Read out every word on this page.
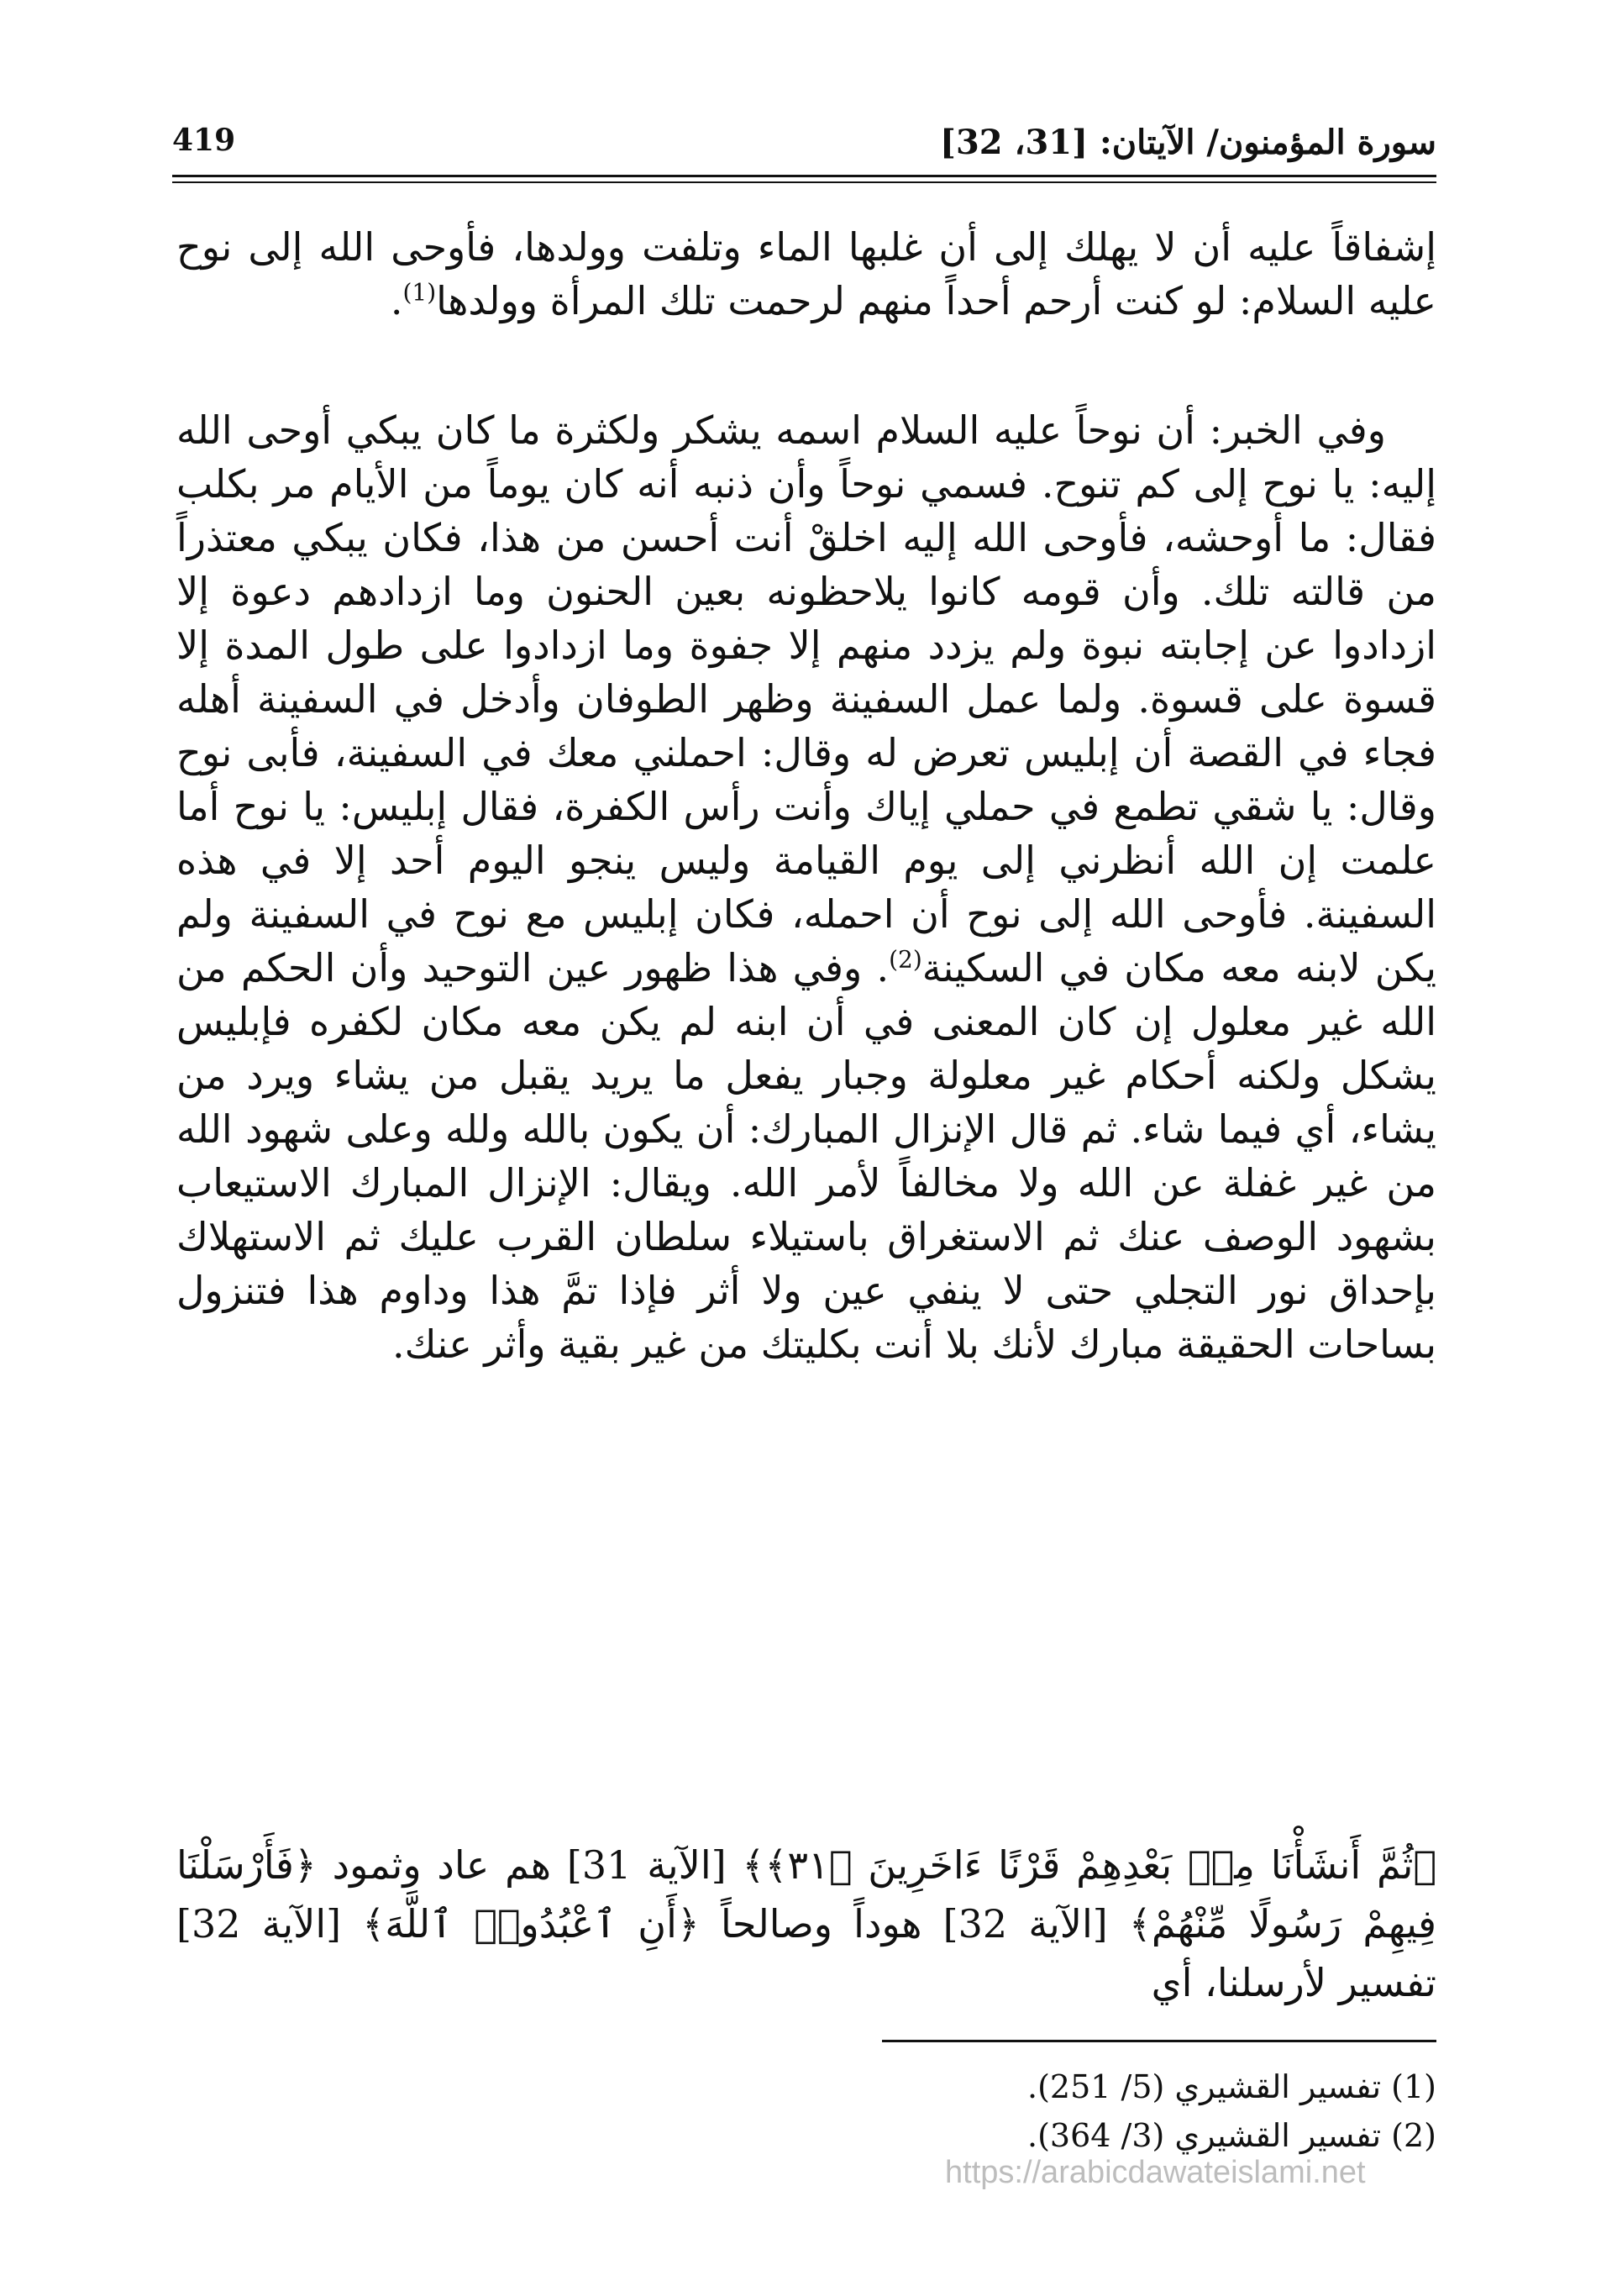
سورة المؤمنون/ الآيتان: [31، 32]
419
إشفاقاً عليه أن لا يهلك إلى أن غلبها الماء وتلفت وولدها، فأوحى الله إلى نوح عليه السلام: لو كنت أرحم أحداً منهم لرحمت تلك المرأة وولدها$^{(1)}$.
وفي الخبر: أن نوحاً عليه السلام اسمه يشكر ولكثرة ما كان يبكي أوحى الله إليه: يا نوح إلى كم تنوح. فسمي نوحاً وأن ذنبه أنه كان يوماً من الأيام مر بكلب فقال: ما أوحشه، فأوحى الله إليه اخلقْ أنت أحسن من هذا، فكان يبكي معتذراً من قالته تلك. وأن قومه كانوا يلاحظونه بعين الحنون وما ازدادهم دعوة إلا ازدادوا عن إجابته نبوة ولم يزدد منهم إلا جفوة وما ازدادوا على طول المدة إلا قسوة على قسوة. ولما عمل السفينة وظهر الطوفان وأدخل في السفينة أهله فجاء في القصة أن إبليس تعرض له وقال: احملني معك في السفينة، فأبى نوح وقال: يا شقي تطمع في حملي إياك وأنت رأس الكفرة، فقال إبليس: يا نوح أما علمت إن الله أنظرني إلى يوم القيامة وليس ينجو اليوم أحد إلا في هذه السفينة. فأوحى الله إلى نوح أن احمله، فكان إبليس مع نوح في السفينة ولم يكن لابنه معه مكان في السكينة$^{(2)}$. وفي هذا ظهور عين التوحيد وأن الحكم من الله غير معلول إن كان المعنى في أن ابنه لم يكن معه مكان لكفره فإبليس يشكل ولكنه أحكام غير معلولة وجبار يفعل ما يريد يقبل من يشاء ويرد من يشاء، أي فيما شاء. ثم قال الإنزال المبارك: أن يكون بالله ولله وعلى شهود الله من غير غفلة عن الله ولا مخالفاً لأمر الله. ويقال: الإنزال المبارك الاستيعاب بشهود الوصف عنك ثم الاستغراق باستيلاء سلطان القرب عليك ثم الاستهلاك بإحداق نور التجلي حتى لا ينفي عين ولا أثر فإذا تمَّ هذا وداوم هذا فتنزول بساحات الحقيقة مبارك لأنك بلا أنت بكليتك من غير بقية وأثر عنك.
﴿ثُمَّ أَنشَأْنَا مِنۢ بَعْدِهِمْ قَرْنًا ءَاخَرِينَ ﴿٣١﴾﴾ [الآية 31] هم عاد وثمود ﴿فَأَرْسَلْنَا فِيهِمْ رَسُولًا مِّنْهُمْ﴾ [الآية 32] هوداً وصالحاً ﴿أَنِ ٱعْبُدُوا۟ ٱللَّهَ﴾ [الآية 32] تفسير لأرسلنا، أي
(1) تفسير القشيري (5/ 251).
(2) تفسير القشيري (3/ 364).
https://arabicdawateislami.net
